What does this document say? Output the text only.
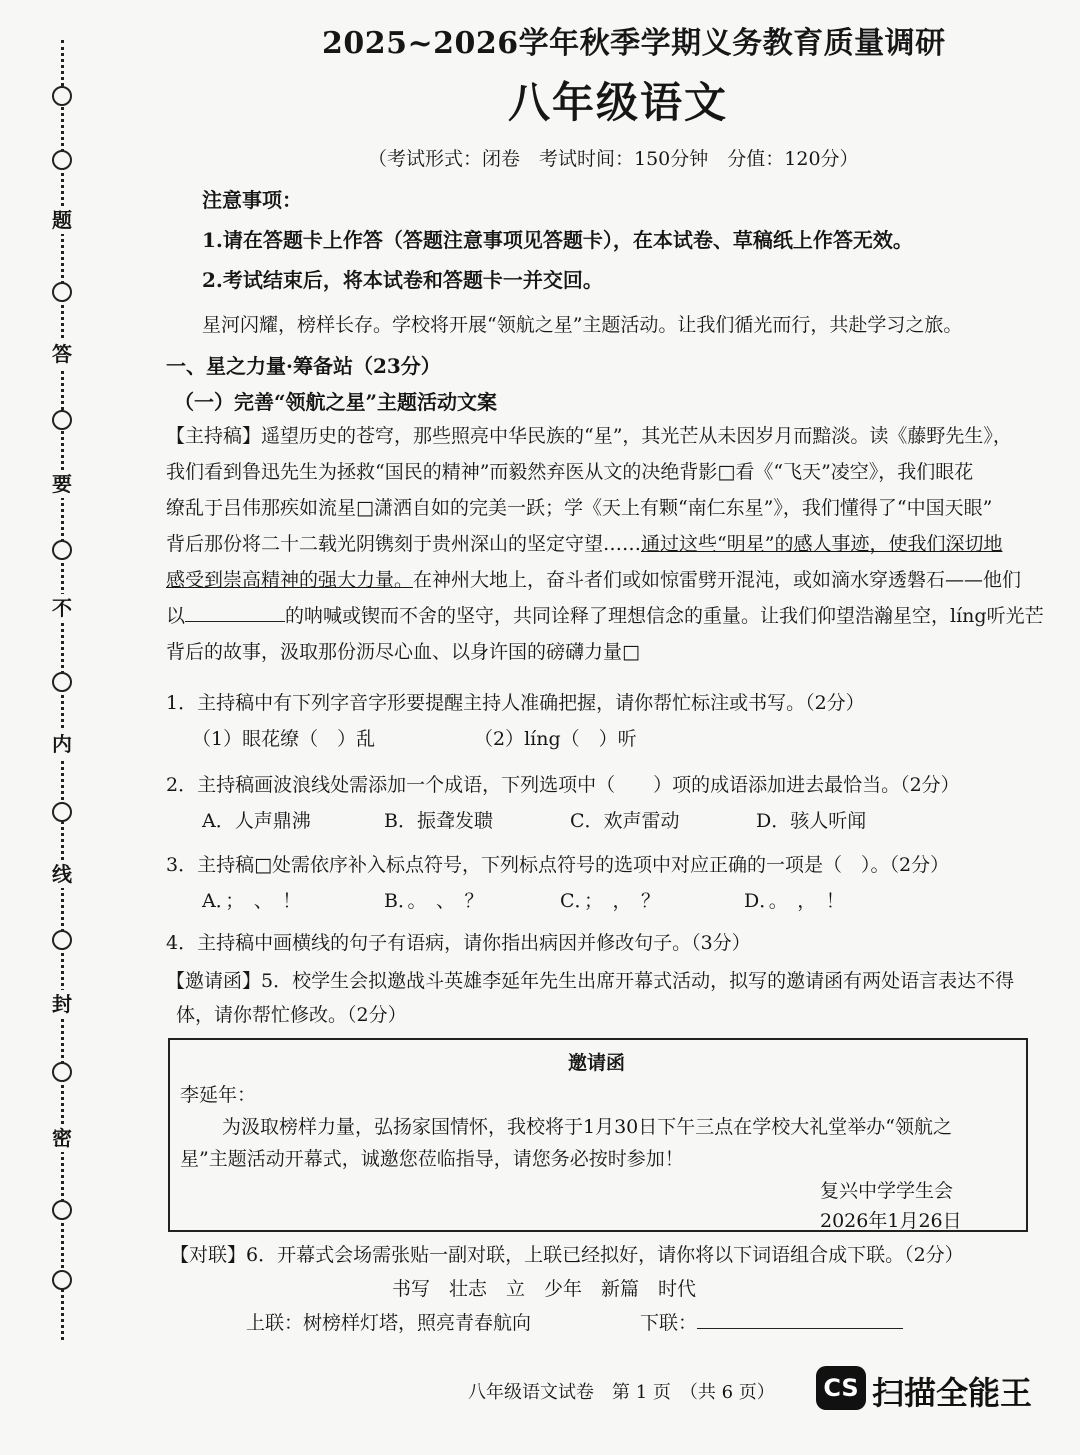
题
答
要
不
内
线
封
密
2025~2026学年秋季学期义务教育质量调研
八年级语文
（考试形式：闭卷　考试时间：150分钟　分值：120分）
注意事项：
1.请在答题卡上作答（答题注意事项见答题卡），在本试卷、草稿纸上作答无效。
2.考试结束后，将本试卷和答题卡一并交回。
星河闪耀，榜样长存。学校将开展“领航之星”主题活动。让我们循光而行，共赴学习之旅。
一、星之力量·筹备站（23分）
（一）完善“领航之星”主题活动文案
【主持稿】遥望历史的苍穹，那些照亮中华民族的“星”，其光芒从未因岁月而黯淡。读《藤野先生》，
我们看到鲁迅先生为拯救“国民的精神”而毅然弃医从文的决绝背影□看《“飞天”凌空》，我们眼花
缭乱于吕伟那疾如流星□潇洒自如的完美一跃；学《天上有颗“南仁东星”》，我们懂得了“中国天眼”
背后那份将二十二载光阴镌刻于贵州深山的坚定守望……通过这些“明星”的感人事迹，使我们深切地
感受到崇高精神的强大力量。在神州大地上，奋斗者们或如惊雷劈开混沌，或如滴水穿透磐石——他们
以	的呐喊或锲而不舍的坚守，共同诠释了理想信念的重量。让我们仰望浩瀚星空，líng听光芒
背后的故事，汲取那份沥尽心血、以身许国的磅礴力量□
1．主持稿中有下列字音字形要提醒主持人准确把握，请你帮忙标注或书写。（2分）
（1）眼花缭（　）乱	（2）líng（　）听
2．主持稿画波浪线处需添加一个成语，下列选项中（　　）项的成语添加进去最恰当。（2分）
A．人声鼎沸	B．振聋发聩	C．欢声雷动	D．骇人听闻
3．主持稿□处需依序补入标点符号，下列标点符号的选项中对应正确的一项是（　）。（2分）
A．；　、　！	B．。　、　？	C．；　，　？	D．。　，　！
4．主持稿中画横线的句子有语病，请你指出病因并修改句子。（3分）
【邀请函】5．校学生会拟邀战斗英雄李延年先生出席开幕式活动，拟写的邀请函有两处语言表达不得
体，请你帮忙修改。（2分）
邀请函
李延年：
为汲取榜样力量，弘扬家国情怀，我校将于1月30日下午三点在学校大礼堂举办“领航之
星”主题活动开幕式，诚邀您莅临指导，请您务必按时参加！
复兴中学学生会
2026年1月26日
【对联】6．开幕式会场需张贴一副对联，上联已经拟好，请你将以下词语组合成下联。（2分）
书写　壮志　立　少年　新篇　时代
上联：树榜样灯塔，照亮青春航向	下联：
八年级语文试卷　第 1 页　（共 6 页）	CS 扫描全能王
